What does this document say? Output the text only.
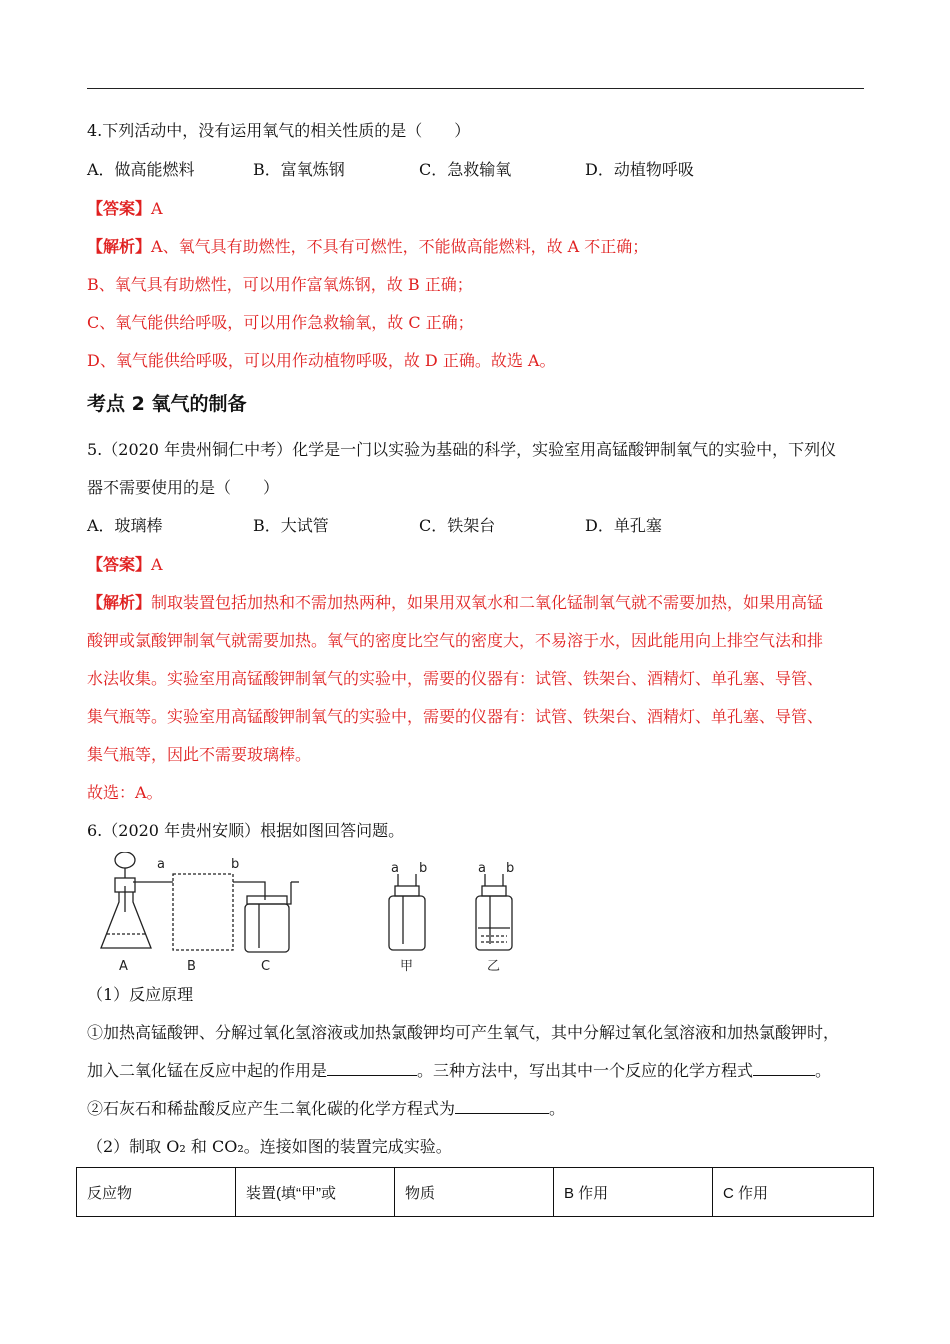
4.下列活动中，没有运用氧气的相关性质的是（　　）
A．做高能燃料	B．富氧炼钢	C．急救输氧	D．动植物呼吸
【答案】A
【解析】A、氧气具有助燃性，不具有可燃性，不能做高能燃料，故 A 不正确；
B、氧气具有助燃性，可以用作富氧炼钢，故 B 正确；
C、氧气能供给呼吸，可以用作急救输氧，故 C 正确；
D、氧气能供给呼吸，可以用作动植物呼吸，故 D 正确。故选 A。
考点 2 氧气的制备
5.（2020 年贵州铜仁中考）化学是一门以实验为基础的科学，实验室用高锰酸钾制氧气的实验中，下列仪
器不需要使用的是（　　）
A．玻璃棒	B．大试管	C．铁架台	D．单孔塞
【答案】A
【解析】制取装置包括加热和不需加热两种，如果用双氧水和二氧化锰制氧气就不需要加热，如果用高锰
酸钾或氯酸钾制氧气就需要加热。氧气的密度比空气的密度大，不易溶于水，因此能用向上排空气法和排
水法收集。实验室用高锰酸钾制氧气的实验中，需要的仪器有：试管、铁架台、酒精灯、单孔塞、导管、
集气瓶等。实验室用高锰酸钾制氧气的实验中，需要的仪器有：试管、铁架台、酒精灯、单孔塞、导管、
集气瓶等，因此不需要玻璃棒。
故选：A。
6.（2020 年贵州安顺）根据如图回答问题。
a	b	a b	a b
A	B	C	甲	乙
（1）反应原理
①加热高锰酸钾、分解过氧化氢溶液或加热氯酸钾均可产生氧气，其中分解过氧化氢溶液和加热氯酸钾时，
加入二氧化锰在反应中起的作用是	。三种方法中，写出其中一个反应的化学方程式	。
②石灰石和稀盐酸反应产生二氧化碳的化学方程式为	。
（2）制取 O₂ 和 CO₂。连接如图的装置完成实验。
反应物	装置(填“甲”或	物质	B 作用	C 作用
